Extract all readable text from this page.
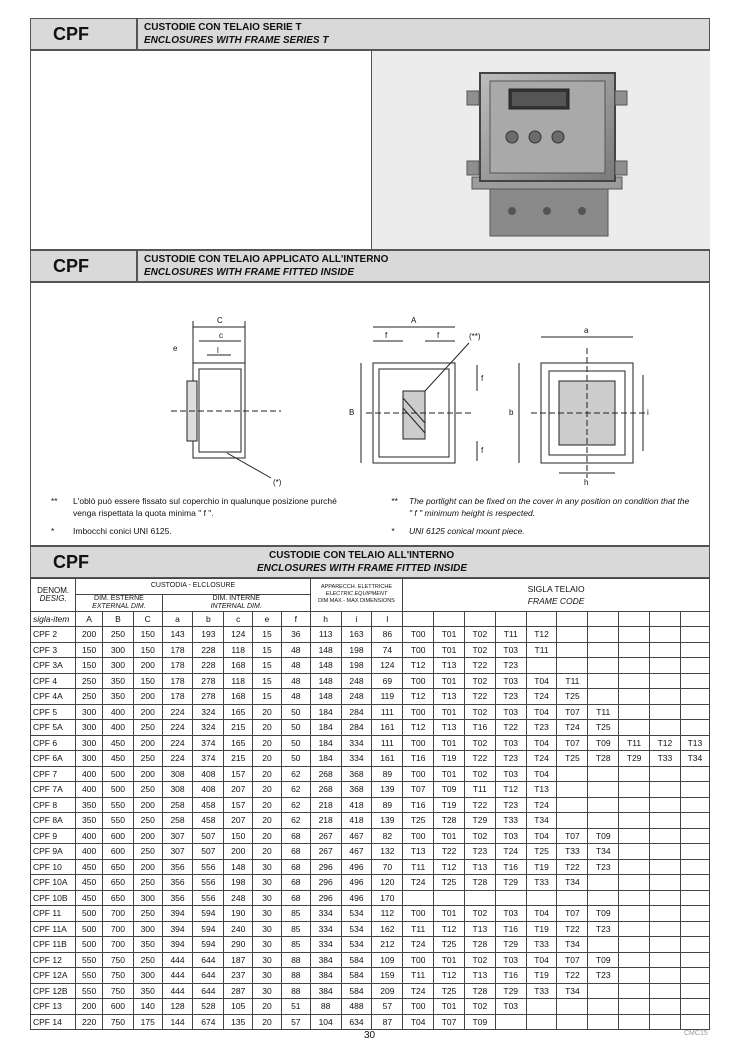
CPF	CUSTODIE CON TELAIO SERIE T
ENCLOSURES WITH FRAME SERIES T
CPF	CUSTODIE CON TELAIO APPLICATO ALL'INTERNO
ENCLOSURES WITH FRAME FITTED INSIDE
C
c
e	l
(*)
A
f	f
B
(**)
f
f
a
b	i
h
** L'oblò può essere fissato sul coperchio in qualunque posizione purché venga rispettata la quota minima " f ".
* Imbocchi conici UNI 6125.
** The portlight can be fixed on the cover in any position on condition that the " f " minimum height is respected.
* UNI 6125 conical mount piece.
CPF	CUSTODIE CON TELAIO ALL'INTERNO
ENCLOSURES WITH FRAME FITTED INSIDE
DENOM.
DESIG.	CUSTODIA - ELCLOSURE								APPARECCH. ELETTRICHE
ELECTRIC EQUIPMENT
DIM MAX - MAX DIMENSIONS			SIGLA TELAIO
FRAME CODE									
	DIM. ESTERNE
EXTERNAL DIM.			DIM. INTERNE
INTERNAL DIM.																	
sigla-item	A	B	C	a	b	c	e	f	h	i	l										
CPF 2	200	250	150	143	193	124	15	36	113	163	86	T00	T01	T02	T11	T12					
CPF 3	150	300	150	178	228	118	15	48	148	198	74	T00	T01	T02	T03	T11					
CPF 3A	150	300	200	178	228	168	15	48	148	198	124	T12	T13	T22	T23						
CPF 4	250	350	150	178	278	118	15	48	148	248	69	T00	T01	T02	T03	T04	T11				
CPF 4A	250	350	200	178	278	168	15	48	148	248	119	T12	T13	T22	T23	T24	T25				
CPF 5	300	400	200	224	324	165	20	50	184	284	111	T00	T01	T02	T03	T04	T07	T11			
CPF 5A	300	400	250	224	324	215	20	50	184	284	161	T12	T13	T16	T22	T23	T24	T25			
CPF 6	300	450	200	224	374	165	20	50	184	334	111	T00	T01	T02	T03	T04	T07	T09	T11	T12	T13
CPF 6A	300	450	250	224	374	215	20	50	184	334	161	T16	T19	T22	T23	T24	T25	T28	T29	T33	T34
CPF 7	400	500	200	308	408	157	20	62	268	368	89	T00	T01	T02	T03	T04					
CPF 7A	400	500	250	308	408	207	20	62	268	368	139	T07	T09	T11	T12	T13					
CPF 8	350	550	200	258	458	157	20	62	218	418	89	T16	T19	T22	T23	T24					
CPF 8A	350	550	250	258	458	207	20	62	218	418	139	T25	T28	T29	T33	T34					
CPF 9	400	600	200	307	507	150	20	68	267	467	82	T00	T01	T02	T03	T04	T07	T09			
CPF 9A	400	600	250	307	507	200	20	68	267	467	132	T13	T22	T23	T24	T25	T33	T34			
CPF 10	450	650	200	356	556	148	30	68	296	496	70	T11	T12	T13	T16	T19	T22	T23			
CPF 10A	450	650	250	356	556	198	30	68	296	496	120	T24	T25	T28	T29	T33	T34				
CPF 10B	450	650	300	356	556	248	30	68	296	496	170										
CPF 11	500	700	250	394	594	190	30	85	334	534	112	T00	T01	T02	T03	T04	T07	T09			
CPF 11A	500	700	300	394	594	240	30	85	334	534	162	T11	T12	T13	T16	T19	T22	T23			
CPF 11B	500	700	350	394	594	290	30	85	334	534	212	T24	T25	T28	T29	T33	T34				
CPF 12	550	750	250	444	644	187	30	88	384	584	109	T00	T01	T02	T03	T04	T07	T09			
CPF 12A	550	750	300	444	644	237	30	88	384	584	159	T11	T12	T13	T16	T19	T22	T23			
CPF 12B	550	750	350	444	644	287	30	88	384	584	209	T24	T25	T28	T29	T33	T34				
CPF 13	200	600	140	128	528	105	20	51	88	488	57	T00	T01	T02	T03						
CPF 14	220	750	175	144	674	135	20	57	104	634	87	T04	T07	T09							
30	CMC15
